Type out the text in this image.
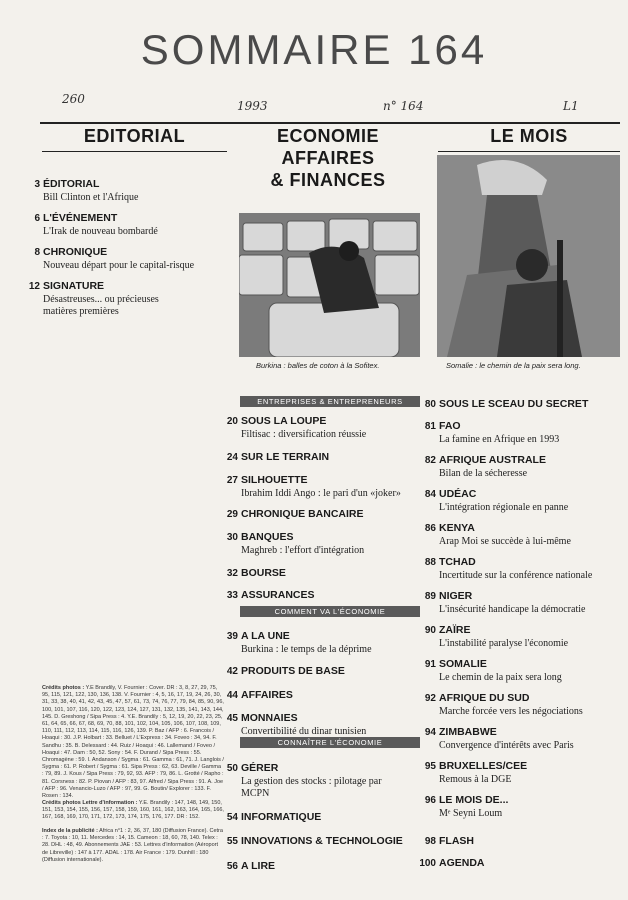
SOMMAIRE 164
260	1993	n° 164	L1
EDITORIAL	ECONOMIE
AFFAIRES
& FINANCES
LE MOIS
3 ÉDITORIAL
Bill Clinton et l'Afrique
6 L'ÉVÉNEMENT
L'Irak de nouveau bombardé
8 CHRONIQUE
Nouveau départ pour le capital-risque
12 SIGNATURE
Désastreuses... ou précieuses
matières premières
Burkina : balles de coton à la Sofitex.	Somalie : le chemin de la paix sera long.
ENTREPRISES & ENTREPRENEURS
COMMENT VA L'ÉCONOMIE
CONNAÎTRE L'ÉCONOMIE
20 SOUS LA LOUPE
Filtisac : diversification réussie
24 SUR LE TERRAIN
27 SILHOUETTE
Ibrahim Iddi Ango : le pari d'un «joker»
29 CHRONIQUE BANCAIRE
30 BANQUES
Maghreb : l'effort d'intégration
32 BOURSE
33 ASSURANCES
39 A LA UNE
Burkina : le temps de la déprime
42 PRODUITS DE BASE
44 AFFAIRES
45 MONNAIES
Convertibilité du dinar tunisien
50 GÉRER
La gestion des stocks : pilotage par
MCPN
54 INFORMATIQUE
55 INNOVATIONS & TECHNOLOGIE
56 A LIRE
80 SOUS LE SCEAU DU SECRET
81 FAO
La famine en Afrique en 1993
82 AFRIQUE AUSTRALE
Bilan de la sécheresse
84 UDÉAC
L'intégration régionale en panne
86 KENYA
Arap Moi se succède à lui-même
88 TCHAD
Incertitude sur la conférence nationale
89 NIGER
L'insécurité handicape la démocratie
90 ZAÏRE
L'instabilité paralyse l'économie
91 SOMALIE
Le chemin de la paix sera long
92 AFRIQUE DU SUD
Marche forcée vers les négociations
94 ZIMBABWE
Convergence d'intérêts avec Paris
95 BRUXELLES/CEE
Remous à la DGE
96 LE MOIS DE...
Mᵉ Seyni Loum
98 FLASH
100 AGENDA
Crédits photos : Y.E Brandily, V. Fournier : Cover. DR : 3, 8, 27, 29, 75, 95, 115, 121, 122, 130, 136, 138. V. Fournier : 4, 5, 16, 17, 19, 24, 26, 30, 31, 33, 38, 40, 41, 42, 43, 45, 47, 57, 61, 73, 74, 76, 77, 79, 84, 85, 90, 96, 100, 101, 107, 116, 120, 122, 123, 124, 127, 131, 132, 135, 141, 143, 144, 145. D. Greshong / Sipa Press : 4. Y.E. Brandily : 5, 12, 19, 20, 22, 23, 25, 61, 64, 65, 66, 67, 68, 69, 70, 88, 101, 102, 104, 105, 106, 107, 108, 109, 110, 111, 112, 113, 114, 115, 116, 126, 139. P. Baz / AFP : 6. Francois / Hoaqui : 30. J.P. Holbart : 33. Belluet / L'Express : 34. Foveo : 34, 94. F. Sandhu : 35. B. Delessard : 44. Ruiz / Hoaqui : 46. Lallemand / Foveo / Hoaqui : 47. Dam : 50, 52. Sony : 54. F. Durand / Sipa Press : 55. Chromagène : 59. I. Andanson / Sygma : 61. Gamma : 61, 71. J. Langlois / Sygma : 61. P. Robert / Sygma : 61. Sipa Press : 62, 63. Deville / Gamma : 79, 89. J. Kous / Sipa Press : 79, 92, 93. AFP : 79, 86. L. Grotté / Rapho : 81. Corsness : 82. P. Piovan / AFP : 83, 97. Alfred / Sipa Press : 91. A. Joe / AFP : 96. Venancio-Luzo / AFP : 97, 99. G. Boutin/ Explorer : 133. F. Rosen : 134.
Crédits photos Lettre d'information : Y.E. Brandily : 147, 148, 149, 150, 151, 153, 154, 155, 156, 157, 158, 159, 160, 161, 162, 163, 164, 165, 166, 167, 168, 169, 170, 171, 172, 173, 174, 175, 176, 177. DR : 152.
Index de la publicité : Africa n°1 : 2, 36, 37, 180 (Diffusion France). Cetra : 7. Toyota : 10, 11. Mercedes : 14, 15. Cameon : 18, 60, 78, 140. Telex : 28. DHL : 48, 49. Abonnements JAE : 53. Lettres d'information (Aéroport de Libreville) : 147 à 177. ADAL : 178. Air France : 179. Dunhill : 180 (Diffusion internationale).
